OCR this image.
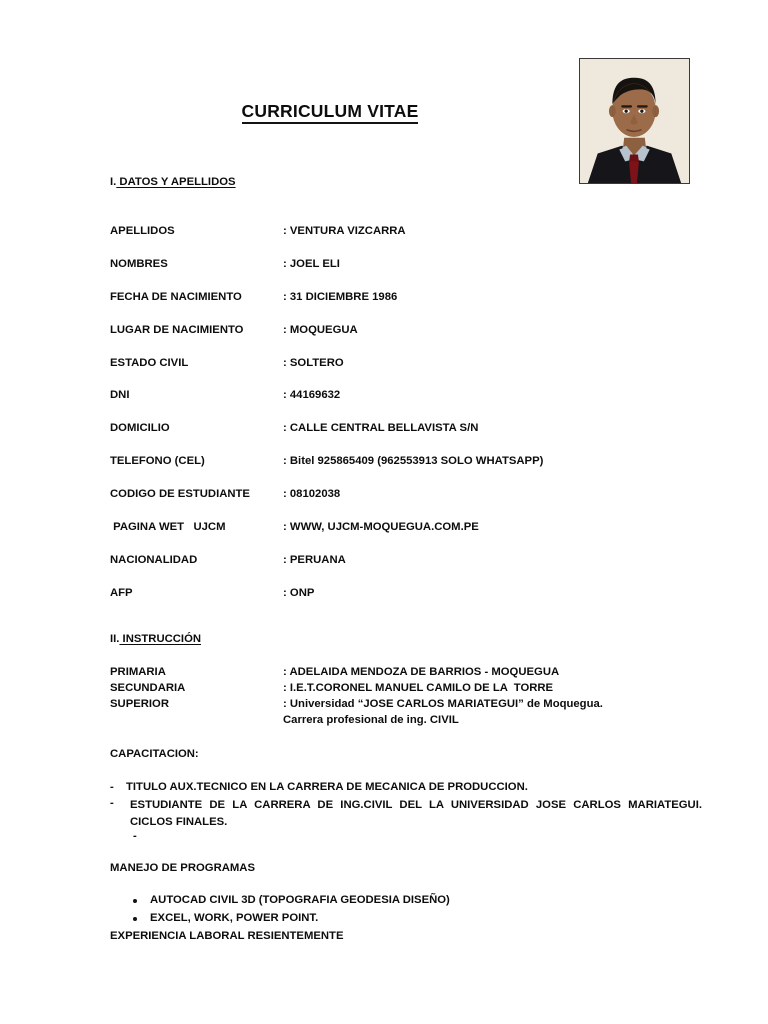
CURRICULUM VITAE
I. DATOS Y APELLIDOS
APELLIDOS	: VENTURA VIZCARRA
NOMBRES	: JOEL ELI
FECHA DE NACIMIENTO	: 31 DICIEMBRE 1986
LUGAR DE NACIMIENTO	: MOQUEGUA
ESTADO CIVIL	: SOLTERO
DNI	: 44169632
DOMICILIO	: CALLE CENTRAL BELLAVISTA S/N
TELEFONO (CEL)	: Bitel 925865409 (962553913 SOLO WHATSAPP)
CODIGO DE ESTUDIANTE	: 08102038
PAGINA WET   UJCM	: WWW, UJCM-MOQUEGUA.COM.PE
NACIONALIDAD	: PERUANA
AFP	: ONP
II. INSTRUCCIÓN
PRIMARIA	: ADELAIDA MENDOZA DE BARRIOS - MOQUEGUA
SECUNDARIA	: I.E.T.CORONEL MANUEL CAMILO DE LA  TORRE
SUPERIOR	: Universidad “JOSE CARLOS MARIATEGUI” de Moquegua.
Carrera profesional de ing. CIVIL
CAPACITACION:
-	TITULO AUX.TECNICO EN LA CARRERA DE MECANICA DE PRODUCCION.
-	ESTUDIANTE DE LA CARRERA DE ING.CIVIL DEL LA UNIVERSIDAD JOSE CARLOS MARIATEGUI. CICLOS FINALES.
-
MANEJO DE PROGRAMAS
AUTOCAD CIVIL 3D (TOPOGRAFIA GEODESIA DISEÑO)
EXCEL, WORK, POWER POINT.
EXPERIENCIA LABORAL RESIENTEMENTE
